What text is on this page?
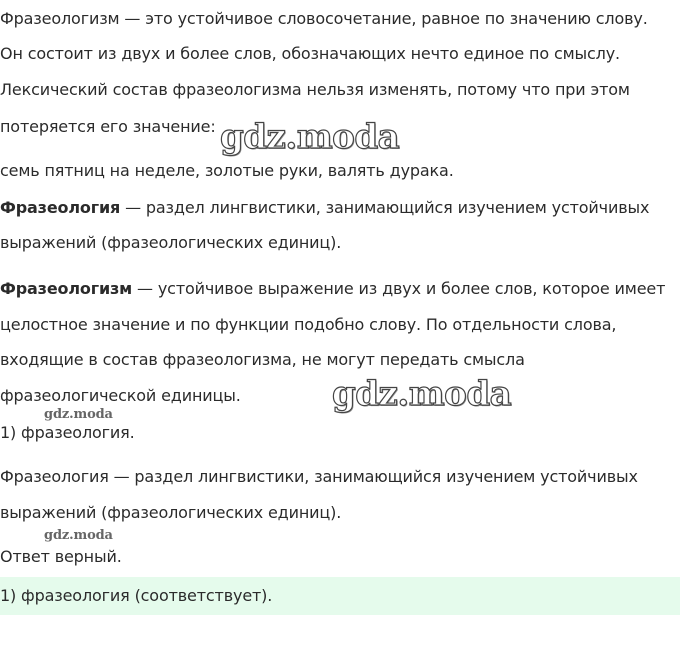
Фразеологизм — это устойчивое словосочетание, равное по значению слову.
Он состоит из двух и более слов, обозначающих нечто единое по смыслу.
Лексический состав фразеологизма нельзя изменять, потому что при этом
потеряется его значение: gdz.moda
семь пятниц на неделе, золотые руки, валять дурака.
Фразеология — раздел лингвистики, занимающийся изучением устойчивых
выражений (фразеологических единиц).
Фразеологизм — устойчивое выражение из двух и более слов, которое имеет
целостное значение и по функции подобно слову. По отдельности слова,
входящие в состав фразеологизма, не могут передать смысла
фразеологической единицы.	gdz.moda
gdz.moda
1) фразеология.
Фразеология — раздел лингвистики, занимающийся изучением устойчивых
выражений (фразеологических единиц).
gdz.moda
Ответ верный.
1) фразеология (соответствует).
